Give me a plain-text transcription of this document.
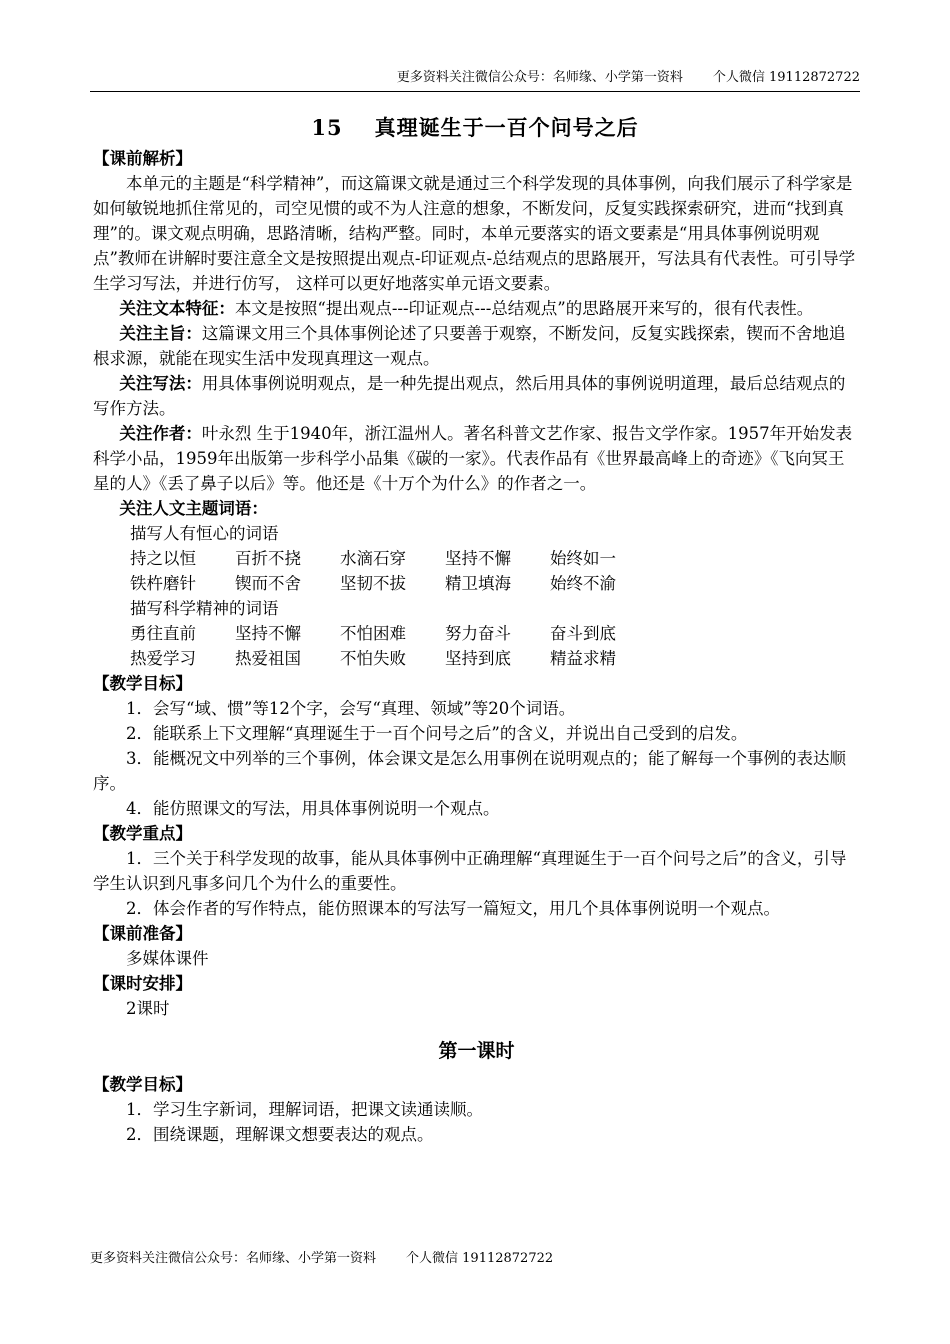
更多资料关注微信公众号：名师缘、小学第一资料 个人微信 19112872722
15 真理诞生于一百个问号之后

【课前解析】

本单元的主题是“科学精神”，而这篇课文就是通过三个科学发现的具体事例，向我们展示了科学家是如何敏锐地抓住常见的，司空见惯的或不为人注意的想象，不断发问，反复实践探索研究，进而“找到真理”的。课文观点明确，思路清晰，结构严整。同时，本单元要落实的语文要素是“用具体事例说明观点”教师在讲解时要注意全文是按照提出观点-印证观点-总结观点的思路展开，写法具有代表性。可引导学生学习写法，并进行仿写， 这样可以更好地落实单元语文要素。

关注文本特征：本文是按照“提出观点---印证观点---总结观点”的思路展开来写的，很有代表性。

关注主旨：这篇课文用三个具体事例论述了只要善于观察，不断发问，反复实践探索，锲而不舍地追根求源，就能在现实生活中发现真理这一观点。

关注写法：用具体事例说明观点，是一种先提出观点，然后用具体的事例说明道理，最后总结观点的写作方法。

关注作者：叶永烈 生于1940年，浙江温州人。著名科普文艺作家、报告文学作家。1957年开始发表科学小品，1959年出版第一步科学小品集《碳的一家》。代表作品有《世界最高峰上的奇迹》《飞向冥王星的人》《丢了鼻子以后》等。他还是《十万个为什么》的作者之一。

关注人文主题词语：

描写人有恒心的词语
持之以恒	百折不挠	水滴石穿	坚持不懈	始终如一
铁杵磨针	锲而不舍	坚韧不拔	精卫填海	始终不渝
描写科学精神的词语
勇往直前	坚持不懈	不怕困难	努力奋斗	奋斗到底
热爱学习	热爱祖国	不怕失败	坚持到底	精益求精

【教学目标】

1．会写“域、惯”等12个字，会写“真理、领域”等20个词语。

2．能联系上下文理解“真理诞生于一百个问号之后”的含义，并说出自己受到的启发。

3．能概况文中列举的三个事例，体会课文是怎么用事例在说明观点的；能了解每一个事例的表达顺序。

4．能仿照课文的写法，用具体事例说明一个观点。

【教学重点】

1．三个关于科学发现的故事，能从具体事例中正确理解“真理诞生于一百个问号之后”的含义，引导学生认识到凡事多问几个为什么的重要性。

2．体会作者的写作特点，能仿照课本的写法写一篇短文，用几个具体事例说明一个观点。

【课前准备】

多媒体课件

【课时安排】

2课时

第一课时

【教学目标】

1．学习生字新词，理解词语，把课文读通读顺。

2．围绕课题，理解课文想要表达的观点。

更多资料关注微信公众号：名师缘、小学第一资料 个人微信 19112872722
